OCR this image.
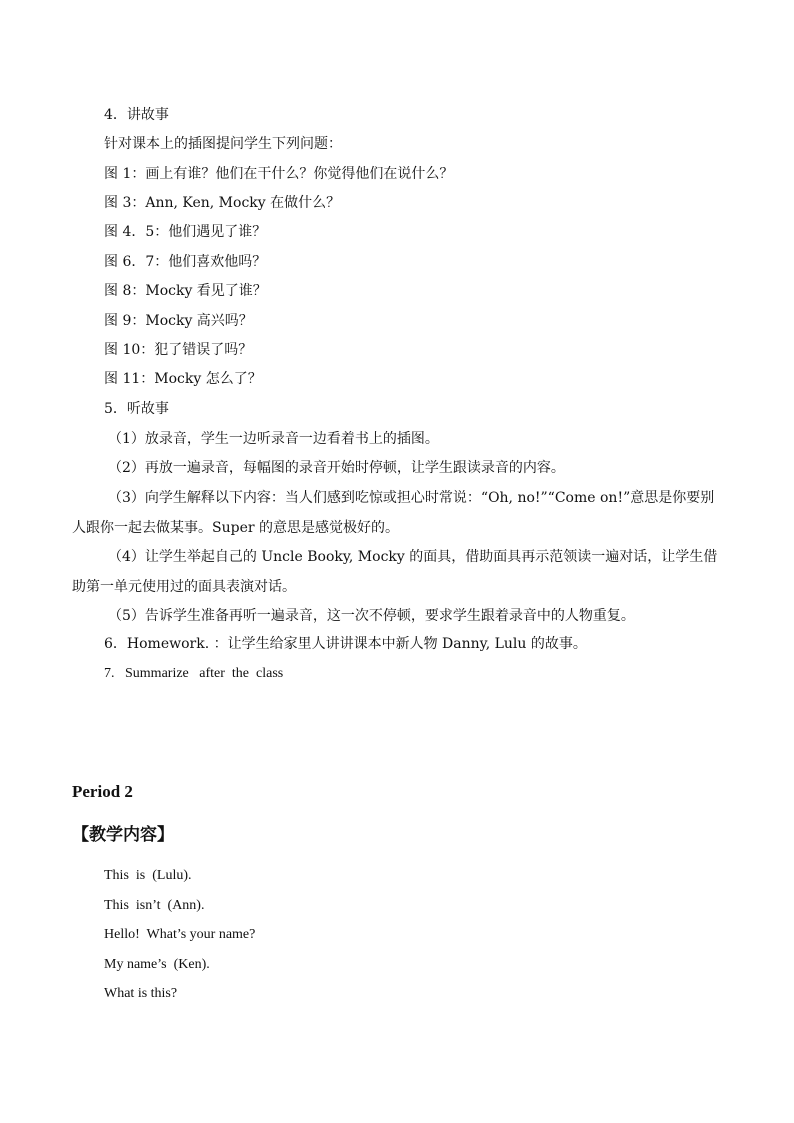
4．讲故事
针对课本上的插图提问学生下列问题：
图 1：画上有谁？他们在干什么？你觉得他们在说什么？
图 3：Ann, Ken, Mocky 在做什么？
图 4．5：他们遇见了谁？
图 6．7：他们喜欢他吗？
图 8：Mocky 看见了谁？
图 9：Mocky 高兴吗？
图 10：犯了错误了吗？
图 11：Mocky 怎么了？
5．听故事
（1）放录音，学生一边听录音一边看着书上的插图。
（2）再放一遍录音，每幅图的录音开始时停顿，让学生跟读录音的内容。
（3）向学生解释以下内容：当人们感到吃惊或担心时常说：“Oh, no!”“Come on!”意思是你要别人跟你一起去做某事。Super 的意思是感觉极好的。
（4）让学生举起自己的 Uncle Booky, Mocky 的面具，借助面具再示范领读一遍对话，让学生借助第一单元使用过的面具表演对话。
（5）告诉学生准备再听一遍录音，这一次不停顿，要求学生跟着录音中的人物重复。
6．Homework. ：让学生给家里人讲讲课本中新人物 Danny, Lulu 的故事。
7.   Summarize   after  the  class
Period 2
【教学内容】
This  is  (Lulu).
This  isn’t  (Ann).
Hello!  What’s your name?
My name’s  (Ken).
What is this?
